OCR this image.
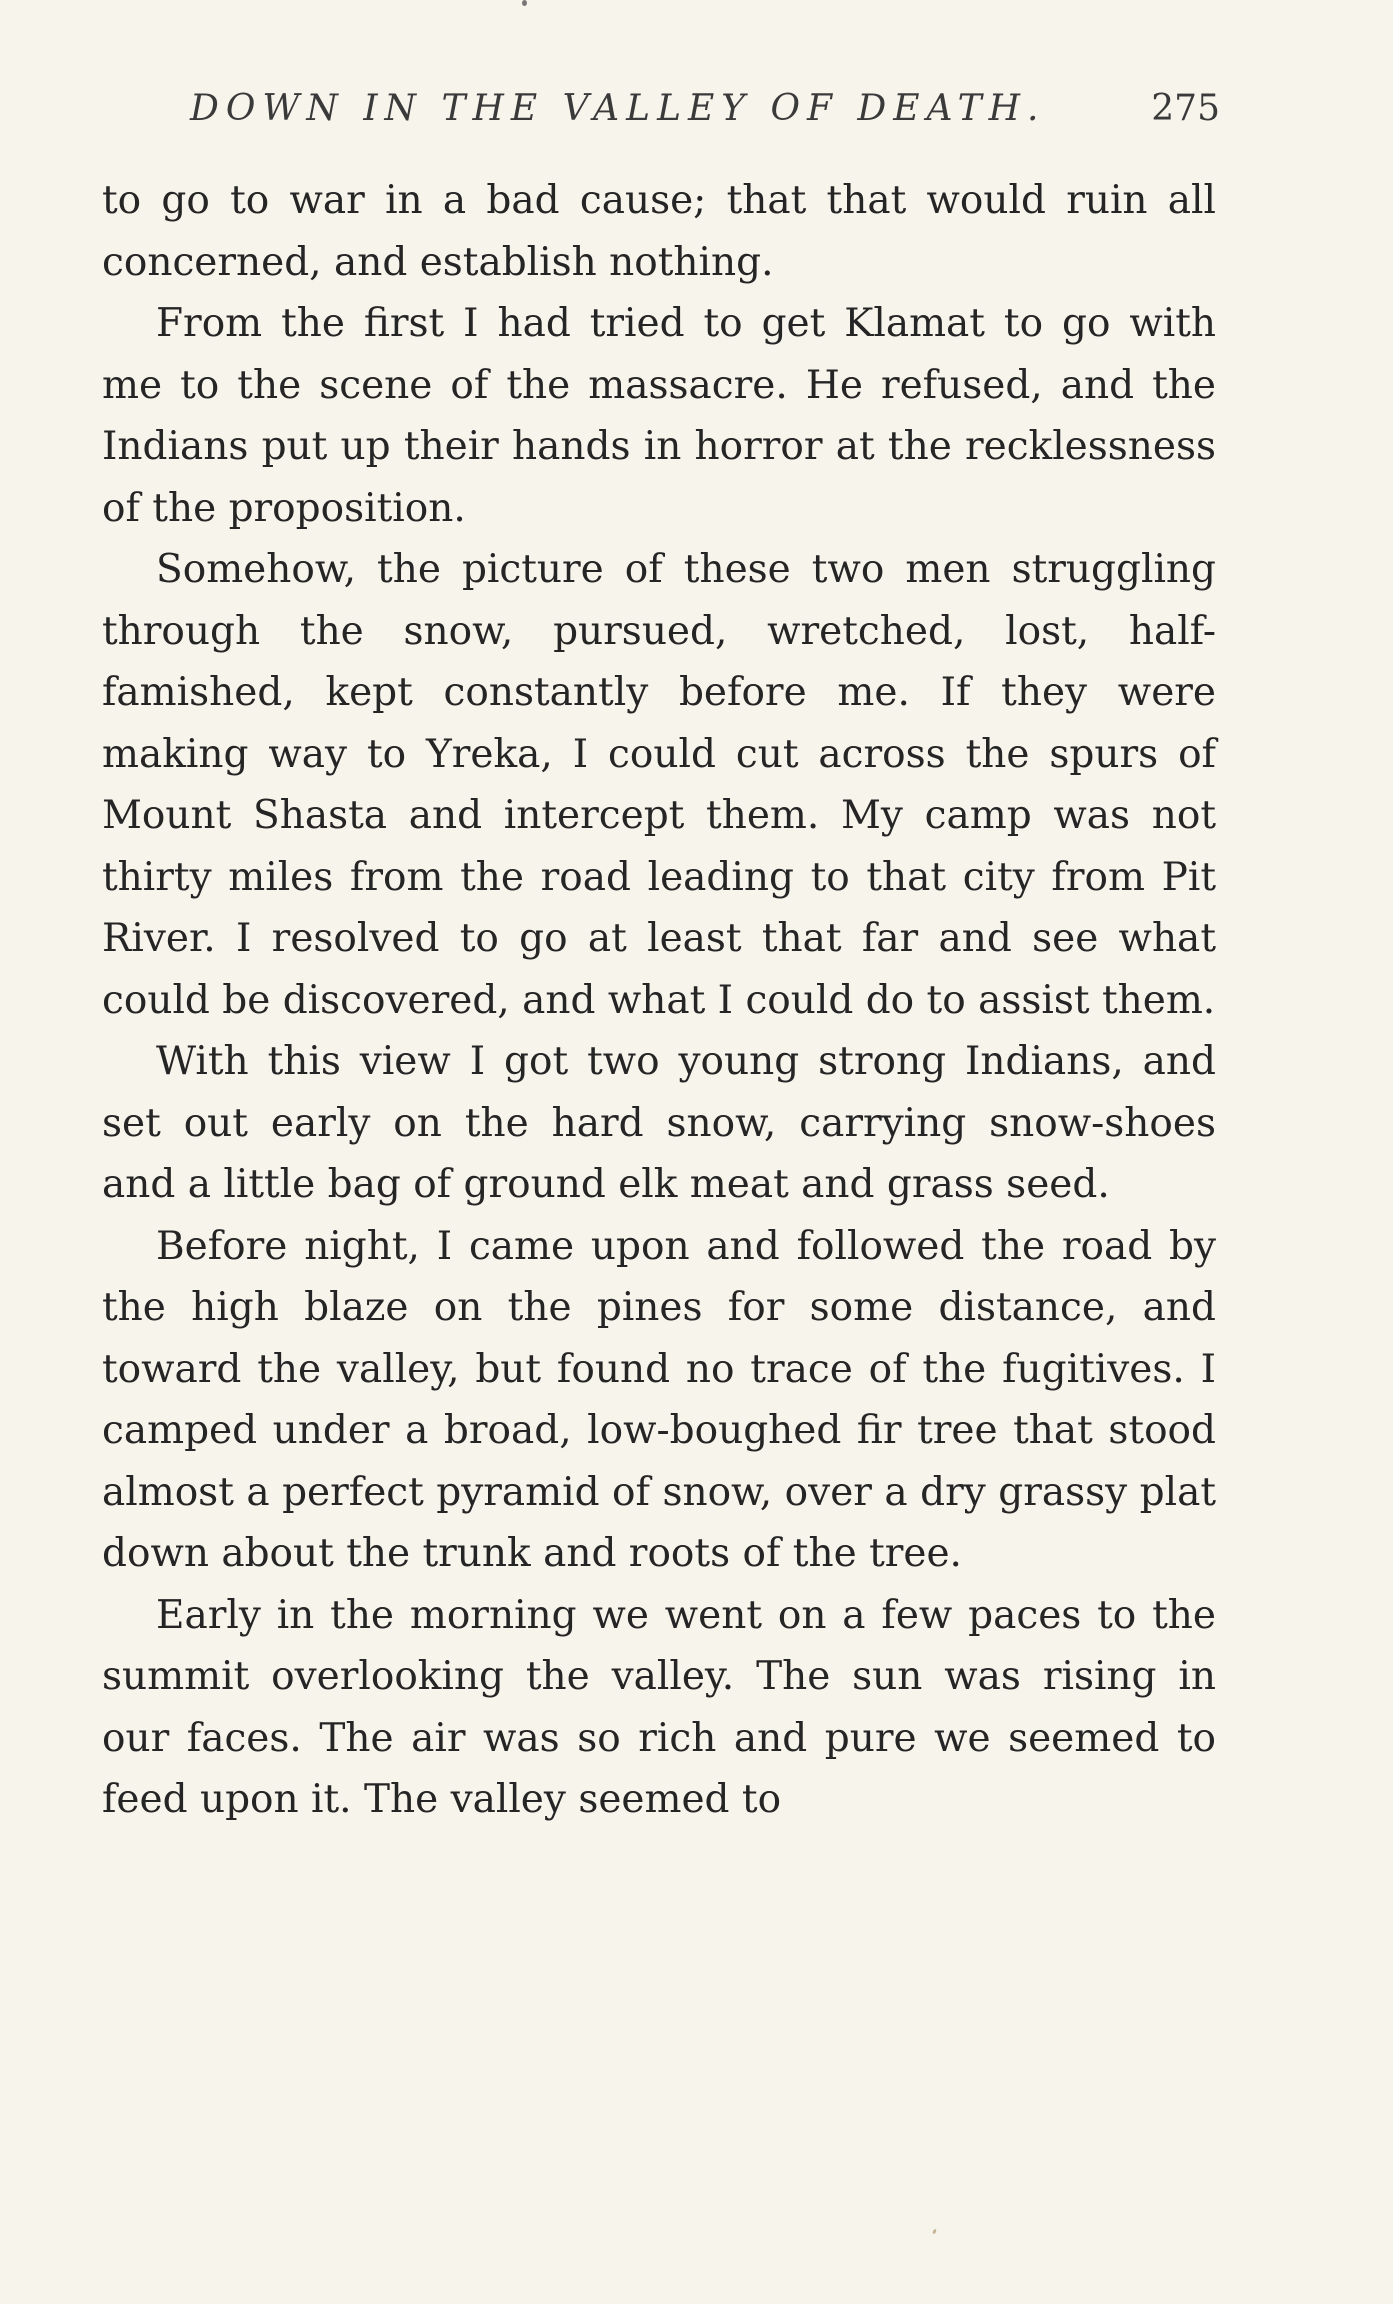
DOWN IN THE VALLEY OF DEATH.	275

to go to war in a bad cause; that that would ruin all concerned, and establish nothing.

From the first I had tried to get Klamat to go with me to the scene of the massacre. He refused, and the Indians put up their hands in horror at the recklessness of the proposition.

Somehow, the picture of these two men struggling through the snow, pursued, wretched, lost, half-famished, kept constantly before me. If they were making way to Yreka, I could cut across the spurs of Mount Shasta and intercept them. My camp was not thirty miles from the road leading to that city from Pit River. I resolved to go at least that far and see what could be discovered, and what I could do to assist them.

With this view I got two young strong Indians, and set out early on the hard snow, carrying snow-shoes and a little bag of ground elk meat and grass seed.

Before night, I came upon and followed the road by the high blaze on the pines for some distance, and toward the valley, but found no trace of the fugitives. I camped under a broad, low-boughed fir tree that stood almost a perfect pyramid of snow, over a dry grassy plat down about the trunk and roots of the tree.

Early in the morning we went on a few paces to the summit overlooking the valley. The sun was rising in our faces. The air was so rich and pure we seemed to feed upon it. The valley seemed to
